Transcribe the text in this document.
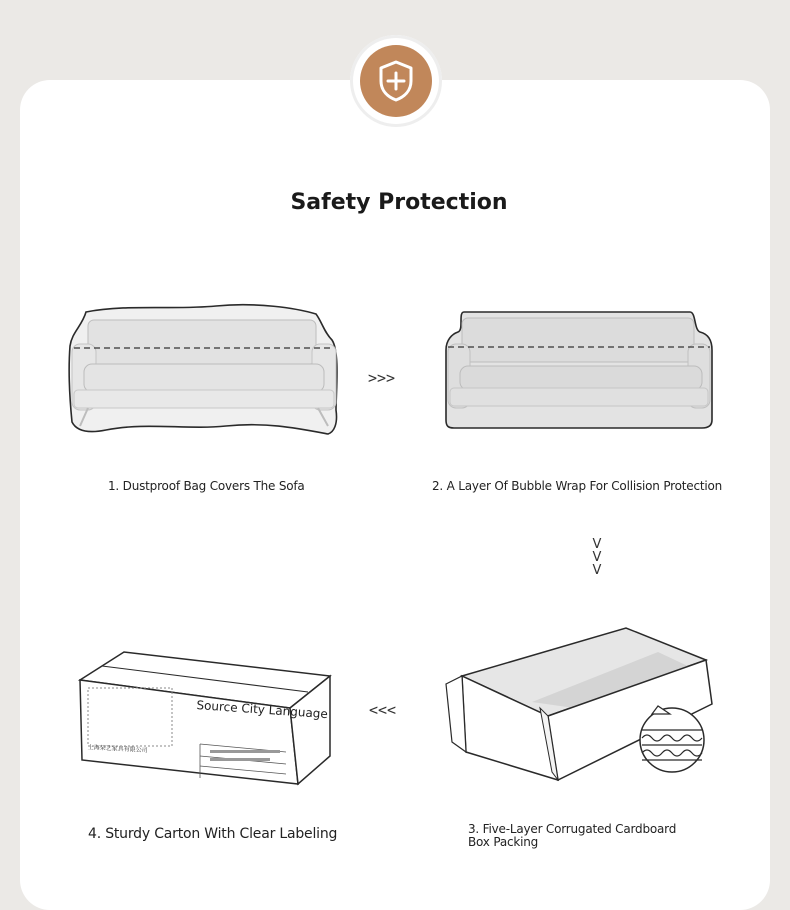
Safety Protection
>>>
1. Dustproof Bag Covers The Sofa	2. A Layer Of Bubble Wrap For Collision Protection
V
V
V
Source City Language
上海朵艺家具有限公司
<<<
4. Sturdy Carton With Clear Labeling	3. Five-Layer Corrugated Cardboard Box Packing
